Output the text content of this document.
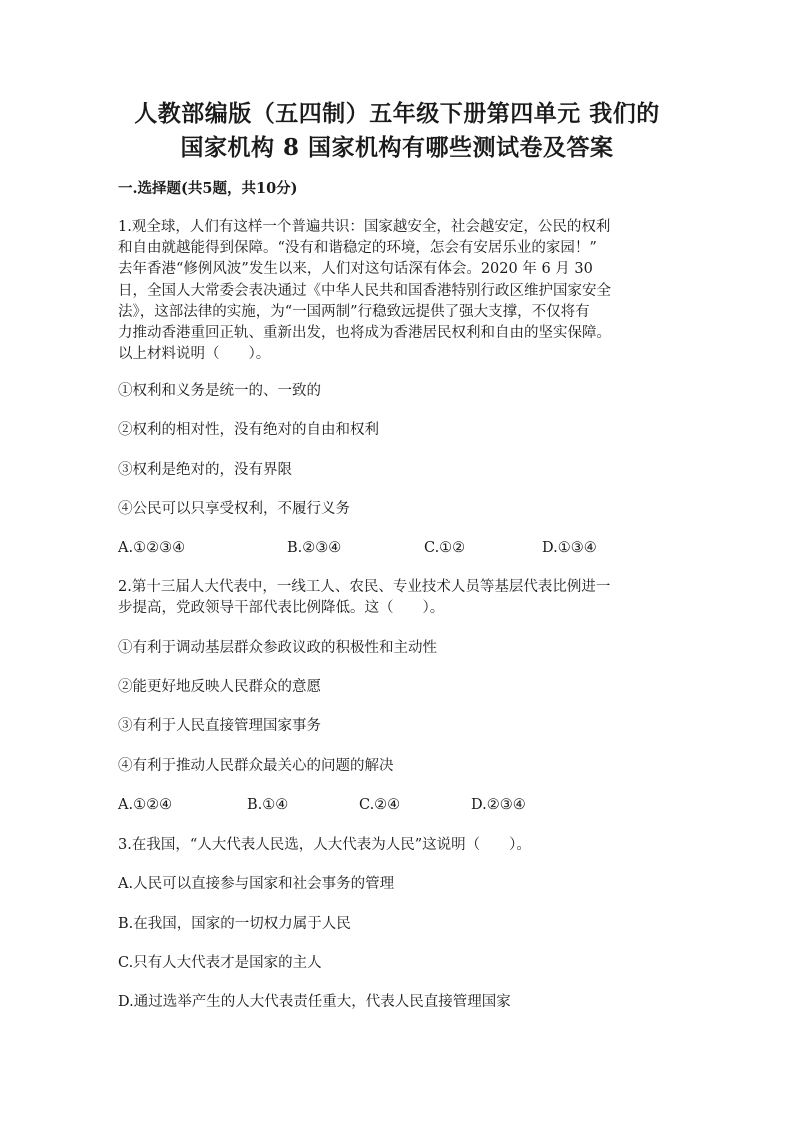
人教部编版（五四制）五年级下册第四单元 我们的
国家机构 8 国家机构有哪些测试卷及答案
一.选择题(共5题，共10分)
1.观全球，人们有这样一个普遍共识：国家越安全，社会越安定，公民的权利
和自由就越能得到保障。“没有和谐稳定的环境，怎会有安居乐业的家园！”
去年香港“修例风波”发生以来，人们对这句话深有体会。2020 年 6 月 30
日，全国人大常委会表决通过《中华人民共和国香港特别行政区维护国家安全
法》，这部法律的实施，为“一国两制”行稳致远提供了强大支撑，不仅将有
力推动香港重回正轨、重新出发，也将成为香港居民权利和自由的坚实保障。
以上材料说明（　　）。
①权利和义务是统一的、一致的
②权利的相对性，没有绝对的自由和权利
③权利是绝对的，没有界限
④公民可以只享受权利，不履行义务
A.①②③④	B.②③④	C.①②	D.①③④
2.第十三届人大代表中，一线工人、农民、专业技术人员等基层代表比例进一
步提高，党政领导干部代表比例降低。这（　　）。
①有利于调动基层群众参政议政的积极性和主动性
②能更好地反映人民群众的意愿
③有利于人民直接管理国家事务
④有利于推动人民群众最关心的问题的解决
A.①②④	B.①④	C.②④	D.②③④
3.在我国，“人大代表人民选，人大代表为人民”这说明（　　）。
A.人民可以直接参与国家和社会事务的管理
B.在我国，国家的一切权力属于人民
C.只有人大代表才是国家的主人
D.通过选举产生的人大代表责任重大，代表人民直接管理国家
